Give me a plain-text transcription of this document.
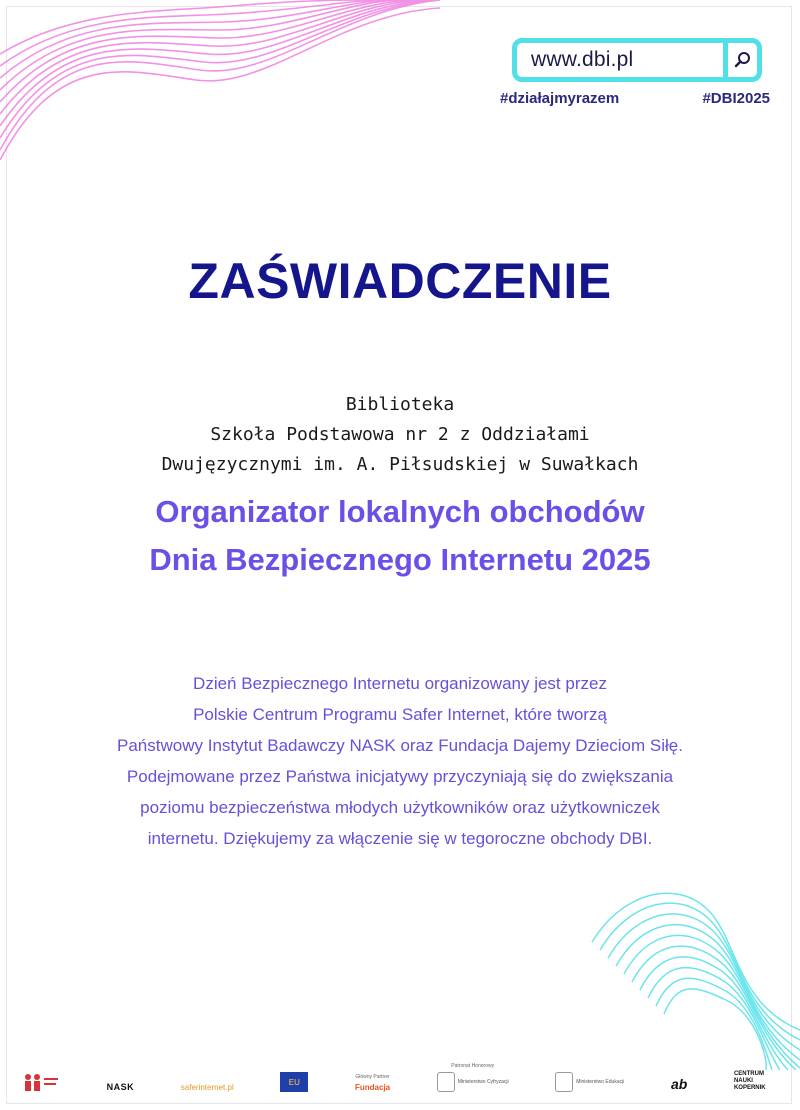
www.dbi.pl
#działajmyrazem	#DBI2025
ZAŚWIADCZENIE
Biblioteka
Szkoła Podstawowa nr 2 z Oddziałami
Dwujęzycznymi im. A. Piłsudskiej w Suwałkach
Organizator lokalnych obchodów
Dnia Bezpiecznego Internetu 2025
Dzień Bezpiecznego Internetu organizowany jest przez
Polskie Centrum Programu Safer Internet, które tworzą
Państwowy Instytut Badawczy NASK oraz Fundacja Dajemy Dzieciom Siłę.
Podejmowane przez Państwa inicjatywy przyczyniają się do zwiększania
poziomu bezpieczeństwa młodych użytkowników oraz użytkowniczek
internetu. Dziękujemy za włączenie się w tegoroczne obchody DBI.
NASK	saferinternet.pl
EU
Główny Partner
Fundacja
Patronat Honorowy
Ministerstwo Cyfryzacji	Ministerstwo Edukacji	ab
CENTRUM NAUKI KOPERNIK
